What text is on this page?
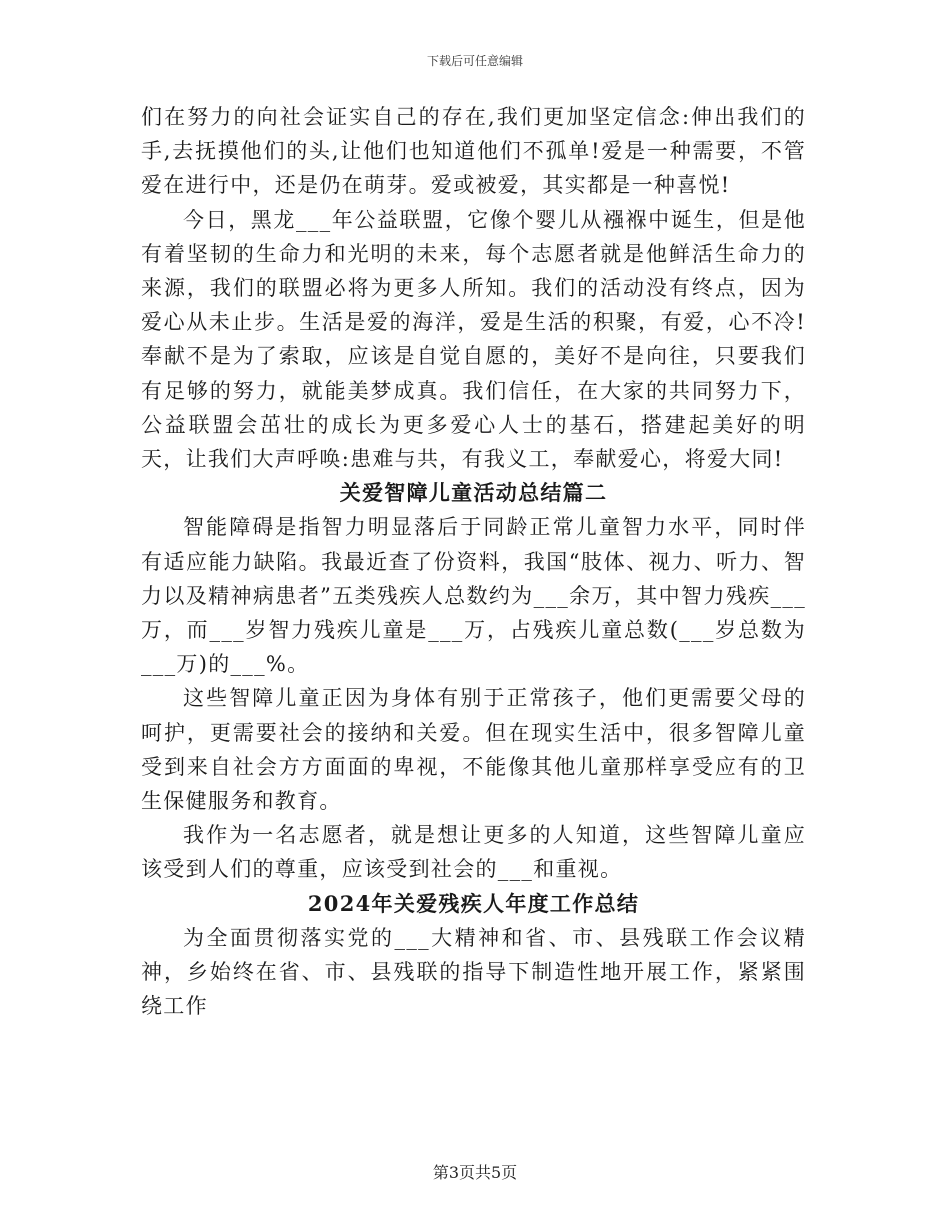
下载后可任意编辑

们在努力的向社会证实自己的存在,我们更加坚定信念:伸出我们的手,去抚摸他们的头,让他们也知道他们不孤单!爱是一种需要，不管爱在进行中，还是仍在萌芽。爱或被爱，其实都是一种喜悦!

今日，黑龙___年公益联盟，它像个婴儿从襁褓中诞生，但是他有着坚韧的生命力和光明的未来，每个志愿者就是他鲜活生命力的来源，我们的联盟必将为更多人所知。我们的活动没有终点，因为爱心从未止步。生活是爱的海洋，爱是生活的积聚，有爱，心不冷!奉献不是为了索取，应该是自觉自愿的，美好不是向往，只要我们有足够的努力，就能美梦成真。我们信任，在大家的共同努力下，公益联盟会茁壮的成长为更多爱心人士的基石，搭建起美好的明天，让我们大声呼唤:患难与共，有我义工，奉献爱心，将爱大同!

关爱智障儿童活动总结篇二

智能障碍是指智力明显落后于同龄正常儿童智力水平，同时伴有适应能力缺陷。我最近查了份资料，我国“肢体、视力、听力、智力以及精神病患者”五类残疾人总数约为___余万，其中智力残疾___万，而___岁智力残疾儿童是___万，占残疾儿童总数(___岁总数为___万)的___%。

这些智障儿童正因为身体有别于正常孩子，他们更需要父母的呵护，更需要社会的接纳和关爱。但在现实生活中，很多智障儿童受到来自社会方方面面的卑视，不能像其他儿童那样享受应有的卫生保健服务和教育。

我作为一名志愿者，就是想让更多的人知道，这些智障儿童应该受到人们的尊重，应该受到社会的___和重视。

2024年关爱残疾人年度工作总结

为全面贯彻落实党的___大精神和省、市、县残联工作会议精神，乡始终在省、市、县残联的指导下制造性地开展工作，紧紧围绕工作

第3页共5页
